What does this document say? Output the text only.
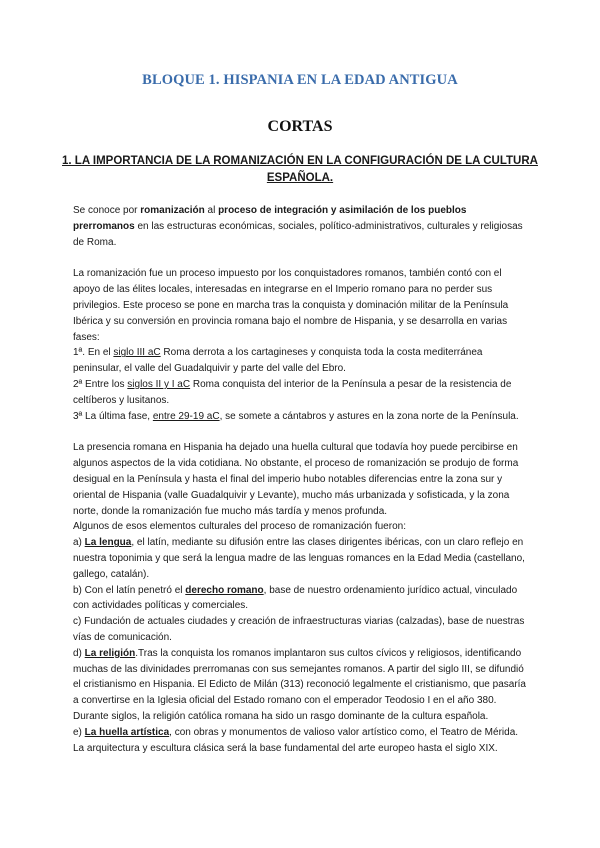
BLOQUE 1. HISPANIA EN LA EDAD ANTIGUA
CORTAS
1. LA IMPORTANCIA DE LA ROMANIZACIÓN EN LA CONFIGURACIÓN DE LA CULTURA ESPAÑOLA.

Se conoce por romanización al proceso de integración y asimilación de los pueblos prerromanos en las estructuras económicas, sociales, político-administrativos, culturales y religiosas de Roma.

La romanización fue un proceso impuesto por los conquistadores romanos, también contó con el apoyo de las élites locales, interesadas en integrarse en el Imperio romano para no perder sus privilegios. Este proceso se pone en marcha tras la conquista y dominación militar de la Península Ibérica y su conversión en provincia romana bajo el nombre de Hispania, y se desarrolla en varias fases:

1ª. En el siglo III aC Roma derrota a los cartagineses y conquista toda la costa mediterránea peninsular, el valle del Guadalquivir y parte del valle del Ebro.

2ª Entre los siglos II y I aC Roma conquista del interior de la Península a pesar de la resistencia de celtíberos y lusitanos.

3ª La última fase, entre 29-19 aC, se somete a cántabros y astures en la zona norte de la Península.

La presencia romana en Hispania ha dejado una huella cultural que todavía hoy puede percibirse en algunos aspectos de la vida cotidiana. No obstante, el proceso de romanización se produjo de forma desigual en la Península y hasta el final del imperio hubo notables diferencias entre la zona sur y oriental de Hispania (valle Guadalquivir y Levante), mucho más urbanizada y sofisticada, y la zona norte, donde la romanización fue mucho más tardía y menos profunda.

Algunos de esos elementos culturales del proceso de romanización fueron:

a) La lengua, el latín, mediante su difusión entre las clases dirigentes ibéricas, con un claro reflejo en nuestra toponimia y que será la lengua madre de las lenguas romances en la Edad Media (castellano, gallego, catalán).

b) Con el latín penetró el derecho romano, base de nuestro ordenamiento jurídico actual, vinculado con actividades políticas y comerciales.

c) Fundación de actuales ciudades y creación de infraestructuras viarias (calzadas), base de nuestras vías de comunicación.

d) La religión.Tras la conquista los romanos implantaron sus cultos cívicos y religiosos, identificando muchas de las divinidades prerromanas con sus semejantes romanos. A partir del siglo III, se difundió el cristianismo en Hispania. El Edicto de Milán (313) reconoció legalmente el cristianismo, que pasaría a convertirse en la Iglesia oficial del Estado romano con el emperador Teodosio I en el año 380. Durante siglos, la religión católica romana ha sido un rasgo dominante de la cultura española.

e) La huella artística, con obras y monumentos de valioso valor artístico como, el Teatro de Mérida. La arquitectura y escultura clásica será la base fundamental del arte europeo hasta el siglo XIX.
